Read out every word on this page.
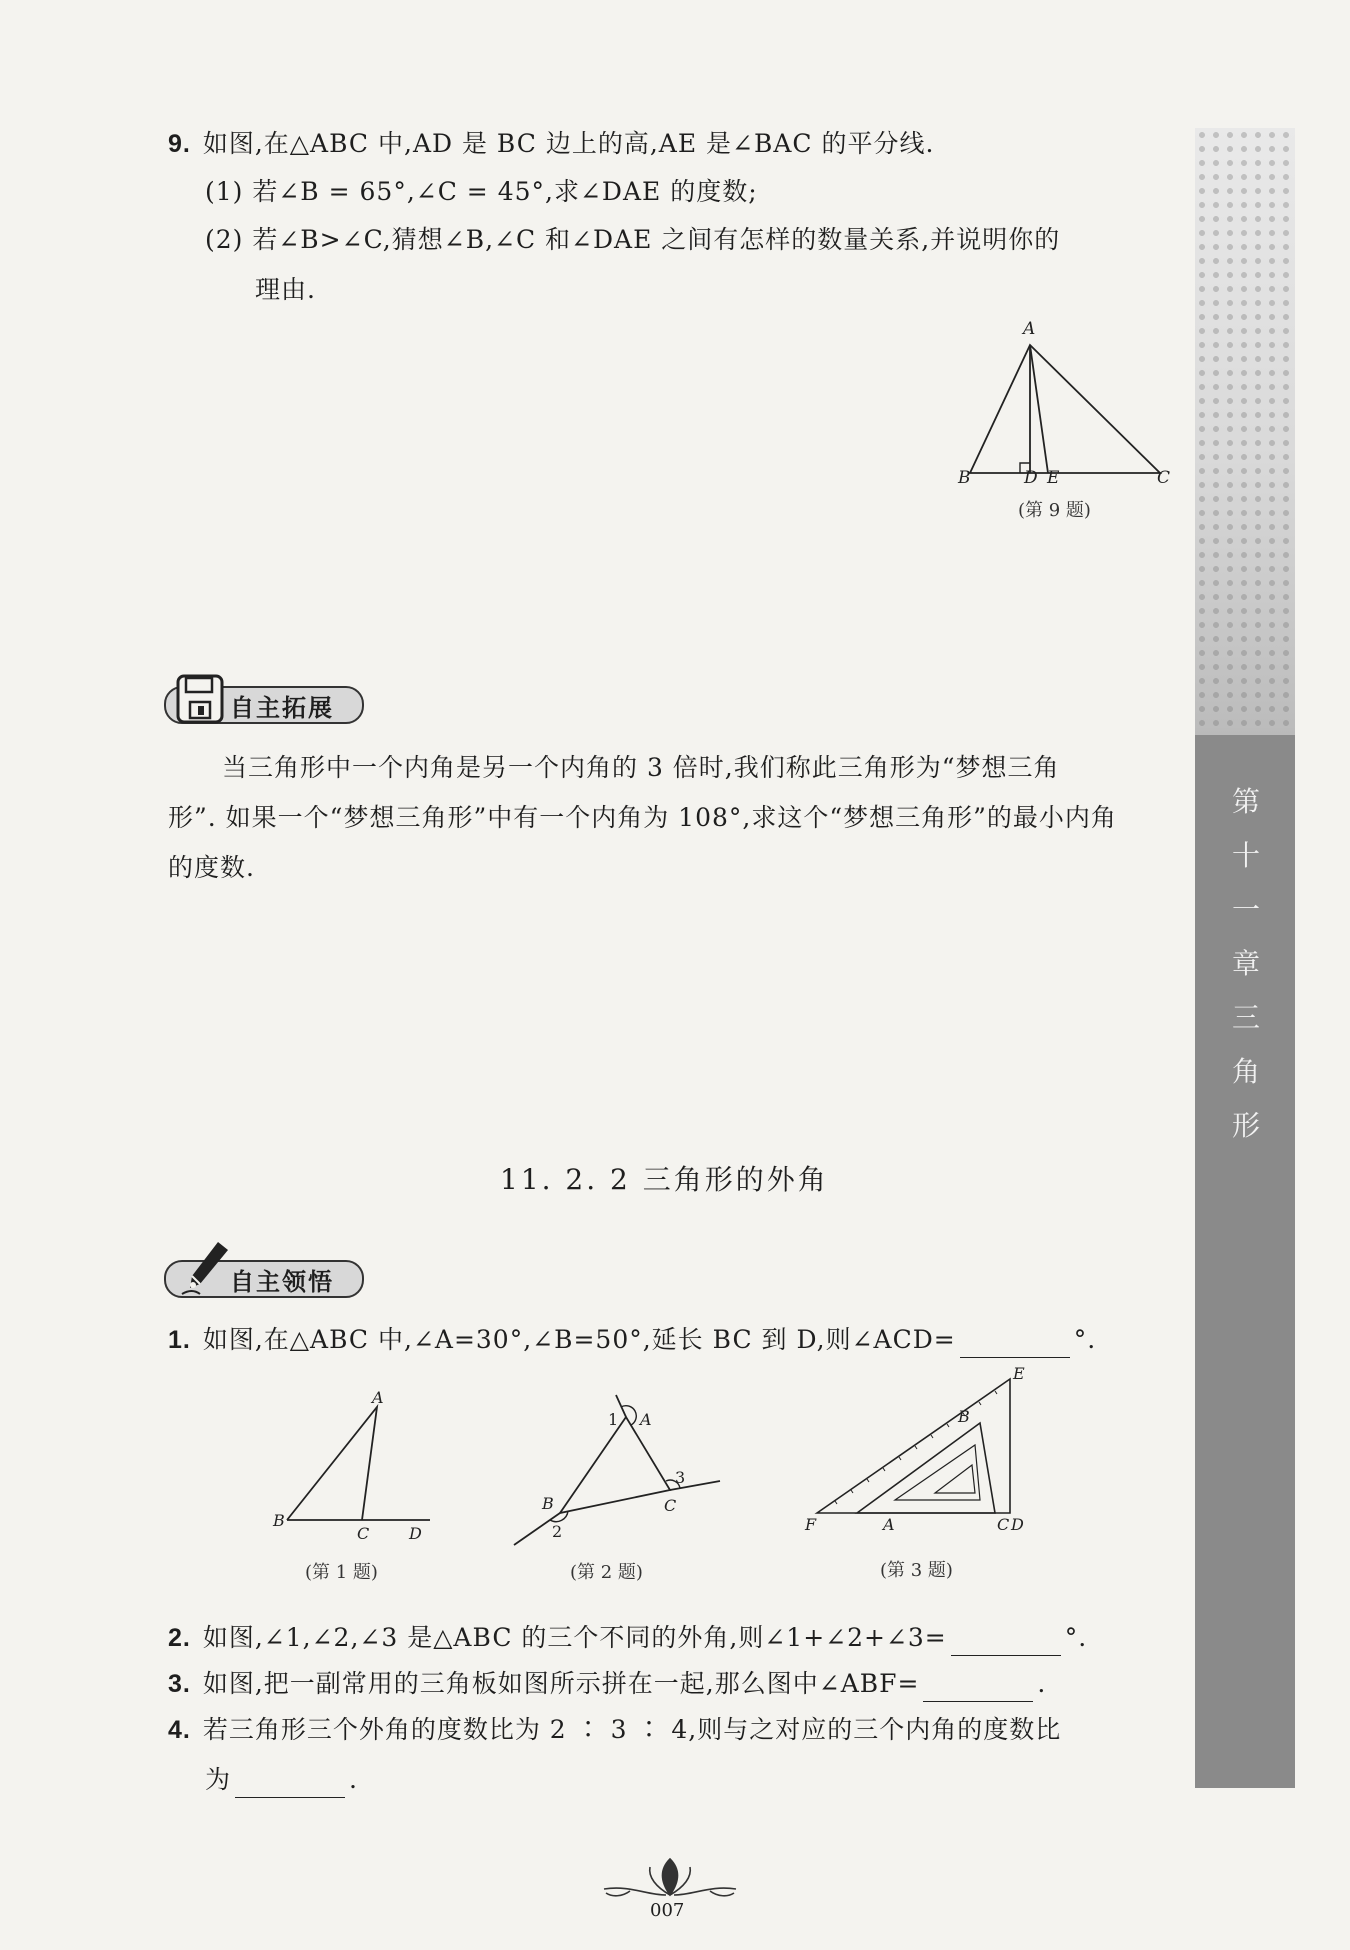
第
十
一
章
三
角
形
9. 如图,在△ABC 中,AD 是 BC 边上的高,AE 是∠BAC 的平分线.
(1) 若∠B = 65°,∠C = 45°,求∠DAE 的度数;
(2) 若∠B>∠C,猜想∠B,∠C 和∠DAE 之间有怎样的数量关系,并说明你的
理由.
A
B	D E	C
(第 9 题)
自主拓展
当三角形中一个内角是另一个内角的 3 倍时,我们称此三角形为“梦想三角
形”. 如果一个“梦想三角形”中有一个内角为 108°,求这个“梦想三角形”的最小内角
的度数.
11. 2. 2 三角形的外角
自主领悟
1. 如图,在△ABC 中,∠A=30°,∠B=50°,延长 BC 到 D,则∠ACD=	°.
A
B
C D
(第 1 题)
1 A
B	C
3
2
(第 2 题)
E
B
F	A	C D
(第 3 题)
2. 如图,∠1,∠2,∠3 是△ABC 的三个不同的外角,则∠1+∠2+∠3=	°.
3. 如图,把一副常用的三角板如图所示拼在一起,那么图中∠ABF=	.
4. 若三角形三个外角的度数比为 2 ∶ 3 ∶ 4,则与之对应的三个内角的度数比
为	.
007
